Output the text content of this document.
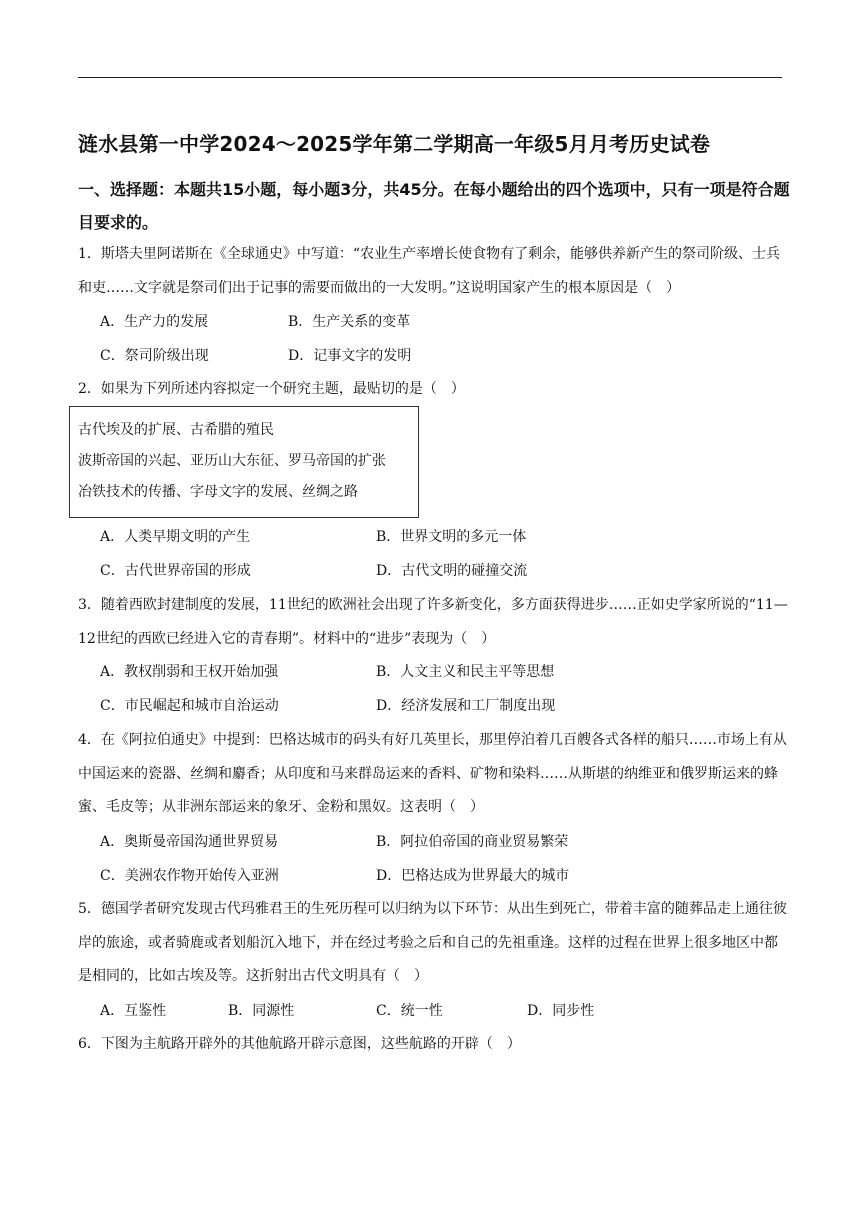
涟水县第一中学2024～2025学年第二学期高一年级5月月考历史试卷
一、选择题：本题共15小题，每小题3分，共45分。在每小题给出的四个选项中，只有一项是符合题目要求的。
1．斯塔夫里阿诺斯在《全球通史》中写道：“农业生产率增长使食物有了剩余，能够供养新产生的祭司阶级、士兵和吏……文字就是祭司们出于记事的需要而做出的一大发明。”这说明国家产生的根本原因是（　）
A．生产力的发展	B．生产关系的变革
C．祭司阶级出现	D．记事文字的发明
2．如果为下列所述内容拟定一个研究主题，最贴切的是（　）
古代埃及的扩展、古希腊的殖民
波斯帝国的兴起、亚历山大东征、罗马帝国的扩张
冶铁技术的传播、字母文字的发展、丝绸之路
A．人类早期文明的产生	B．世界文明的多元一体
C．古代世界帝国的形成	D．古代文明的碰撞交流
3．随着西欧封建制度的发展，11世纪的欧洲社会出现了许多新变化，多方面获得进步……正如史学家所说的“11—12世纪的西欧已经进入它的青春期”。材料中的“进步”表现为（　）
A．教权削弱和王权开始加强	B．人文主义和民主平等思想
C．市民崛起和城市自治运动	D．经济发展和工厂制度出现
4．在《阿拉伯通史》中提到：巴格达城市的码头有好几英里长，那里停泊着几百艘各式各样的船只……市场上有从中国运来的瓷器、丝绸和麝香；从印度和马来群岛运来的香料、矿物和染料……从斯堪的纳维亚和俄罗斯运来的蜂蜜、毛皮等；从非洲东部运来的象牙、金粉和黑奴。这表明（　）
A．奥斯曼帝国沟通世界贸易	B．阿拉伯帝国的商业贸易繁荣
C．美洲农作物开始传入亚洲	D．巴格达成为世界最大的城市
5．德国学者研究发现古代玛雅君王的生死历程可以归纳为以下环节：从出生到死亡，带着丰富的随葬品走上通往彼岸的旅途，或者骑鹿或者划船沉入地下，并在经过考验之后和自己的先祖重逢。这样的过程在世界上很多地区中都是相同的，比如古埃及等。这折射出古代文明具有（　）
A．互鉴性	B．同源性	C．统一性	D．同步性
6．下图为主航路开辟外的其他航路开辟示意图，这些航路的开辟（　）
